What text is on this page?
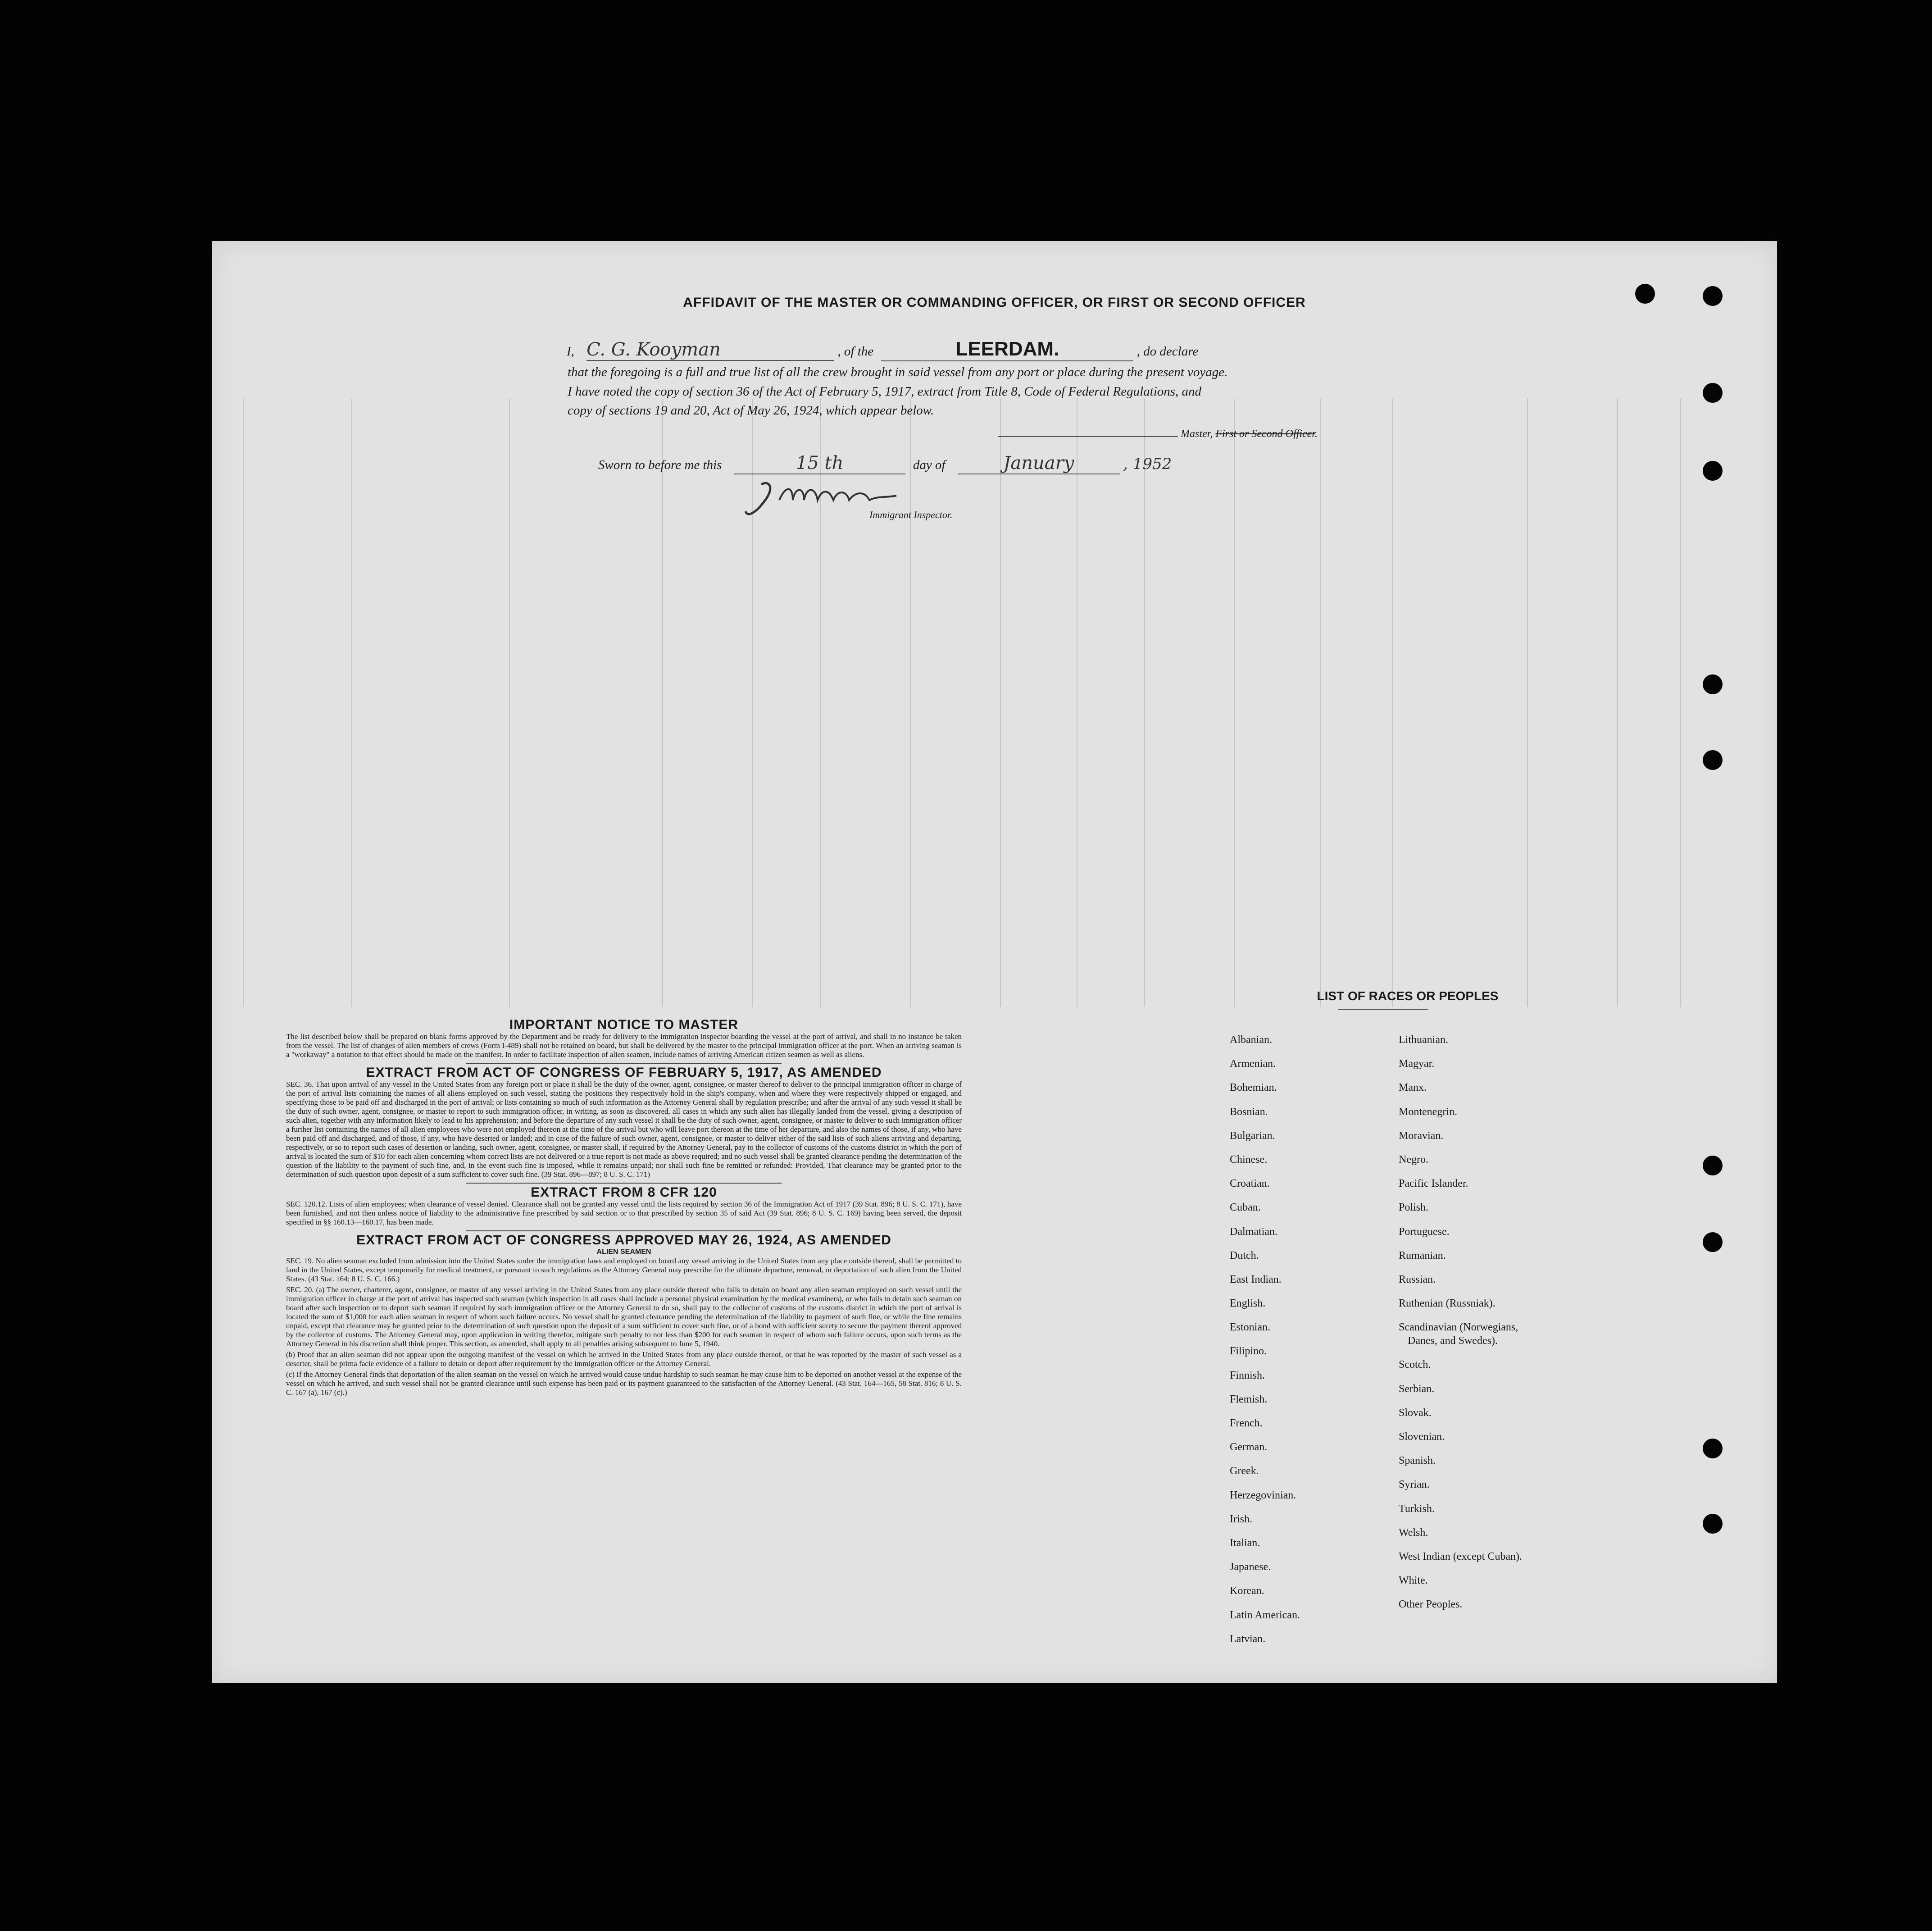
AFFIDAVIT OF THE MASTER OR COMMANDING OFFICER, OR FIRST OR SECOND OFFICER
I, C. G. Kooyman	, of the	LEERDAM.	, do declare
that the foregoing is a full and true list of all the crew brought in said vessel from any port or place during the present voyage.
I have noted the copy of section 36 of the Act of February 5, 1917, extract from Title 8, Code of Federal Regulations, and
copy of sections 19 and 20, Act of May 26, 1924, which appear below.
Master, First or Second Officer.
Sworn to before me this	15 th	day of	January	, 1952
Immigrant Inspector.
IMPORTANT NOTICE TO MASTER

The list described below shall be prepared on blank forms approved by the Department and be ready for delivery to the immigration inspector boarding the vessel at the port of arrival, and shall in no instance be taken from the vessel. The list of changes of alien members of crews (Form I-489) shall not be retained on board, but shall be delivered by the master to the principal immigration officer at the port. When an arriving seaman is a "workaway" a notation to that effect should be made on the manifest. In order to facilitate inspection of alien seamen, include names of arriving American citizen seamen as well as aliens.

EXTRACT FROM ACT OF CONGRESS OF FEBRUARY 5, 1917, AS AMENDED

SEC. 36. That upon arrival of any vessel in the United States from any foreign port or place it shall be the duty of the owner, agent, consignee, or master thereof to deliver to the principal immigration officer in charge of the port of arrival lists containing the names of all aliens employed on such vessel, stating the positions they respectively hold in the ship's company, when and where they were respectively shipped or engaged, and specifying those to be paid off and discharged in the port of arrival; or lists containing so much of such information as the Attorney General shall by regulation prescribe; and after the arrival of any such vessel it shall be the duty of such owner, agent, consignee, or master to report to such immigration officer, in writing, as soon as discovered, all cases in which any such alien has illegally landed from the vessel, giving a description of such alien, together with any information likely to lead to his apprehension; and before the departure of any such vessel it shall be the duty of such owner, agent, consignee, or master to deliver to such immigration officer a further list containing the names of all alien employees who were not employed thereon at the time of the arrival but who will leave port thereon at the time of her departure, and also the names of those, if any, who have been paid off and discharged, and of those, if any, who have deserted or landed; and in case of the failure of such owner, agent, consignee, or master to deliver either of the said lists of such aliens arriving and departing, respectively, or so to report such cases of desertion or landing, such owner, agent, consignee, or master shall, if required by the Attorney General, pay to the collector of customs of the customs district in which the port of arrival is located the sum of $10 for each alien concerning whom correct lists are not delivered or a true report is not made as above required; and no such vessel shall be granted clearance pending the determination of the question of the liability to the payment of such fine, and, in the event such fine is imposed, while it remains unpaid; nor shall such fine be remitted or refunded: Provided, That clearance may be granted prior to the determination of such question upon deposit of a sum sufficient to cover such fine. (39 Stat. 896—897; 8 U. S. C. 171)

EXTRACT FROM 8 CFR 120

SEC. 120.12. Lists of alien employees; when clearance of vessel denied. Clearance shall not be granted any vessel until the lists required by section 36 of the Immigration Act of 1917 (39 Stat. 896; 8 U. S. C. 171), have been furnished, and not then unless notice of liability to the administrative fine prescribed by said section or to that prescribed by section 35 of said Act (39 Stat. 896; 8 U. S. C. 169) having been served, the deposit specified in §§ 160.13—160.17, has been made.

EXTRACT FROM ACT OF CONGRESS APPROVED MAY 26, 1924, AS AMENDED
ALIEN SEAMEN

SEC. 19. No alien seaman excluded from admission into the United States under the immigration laws and employed on board any vessel arriving in the United States from any place outside thereof, shall be permitted to land in the United States, except temporarily for medical treatment, or pursuant to such regulations as the Attorney General may prescribe for the ultimate departure, removal, or deportation of such alien from the United States. (43 Stat. 164; 8 U. S. C. 166.)

SEC. 20. (a) The owner, charterer, agent, consignee, or master of any vessel arriving in the United States from any place outside thereof who fails to detain on board any alien seaman employed on such vessel until the immigration officer in charge at the port of arrival has inspected such seaman (which inspection in all cases shall include a personal physical examination by the medical examiners), or who fails to detain such seaman on board after such inspection or to deport such seaman if required by such immigration officer or the Attorney General to do so, shall pay to the collector of customs of the customs district in which the port of arrival is located the sum of $1,000 for each alien seaman in respect of whom such failure occurs. No vessel shall be granted clearance pending the determination of the liability to payment of such fine, or while the fine remains unpaid, except that clearance may be granted prior to the determination of such question upon the deposit of a sum sufficient to cover such fine, or of a bond with sufficient surety to secure the payment thereof approved by the collector of customs. The Attorney General may, upon application in writing therefor, mitigate such penalty to not less than $200 for each seaman in respect of whom such failure occurs, upon such terms as the Attorney General in his discretion shall think proper. This section, as amended, shall apply to all penalties arising subsequent to June 5, 1940.

(b) Proof that an alien seaman did not appear upon the outgoing manifest of the vessel on which he arrived in the United States from any place outside thereof, or that he was reported by the master of such vessel as a deserter, shall be prima facie evidence of a failure to detain or deport after requirement by the immigration officer or the Attorney General.

(c) If the Attorney General finds that deportation of the alien seaman on the vessel on which he arrived would cause undue hardship to such seaman he may cause him to be deported on another vessel at the expense of the vessel on which he arrived, and such vessel shall not be granted clearance until such expense has been paid or its payment guaranteed to the satisfaction of the Attorney General. (43 Stat. 164—165, 58 Stat. 816; 8 U. S. C. 167 (a), 167 (c).)

LIST OF RACES OR PEOPLES
Albanian.
Armenian.
Bohemian.
Bosnian.
Bulgarian.
Chinese.
Croatian.
Cuban.
Dalmatian.
Dutch.
East Indian.
English.
Estonian.
Filipino.
Finnish.
Flemish.
French.
German.
Greek.
Herzegovinian.
Irish.
Italian.
Japanese.
Korean.
Latin American.
Latvian.
Lithuanian.
Magyar.
Manx.
Montenegrin.
Moravian.
Negro.
Pacific Islander.
Polish.
Portuguese.
Rumanian.
Russian.
Ruthenian (Russniak).
Scandinavian (Norwegians,
Danes, and Swedes).
Scotch.
Serbian.
Slovak.
Slovenian.
Spanish.
Syrian.
Turkish.
Welsh.
West Indian (except Cuban).
White.
Other Peoples.
